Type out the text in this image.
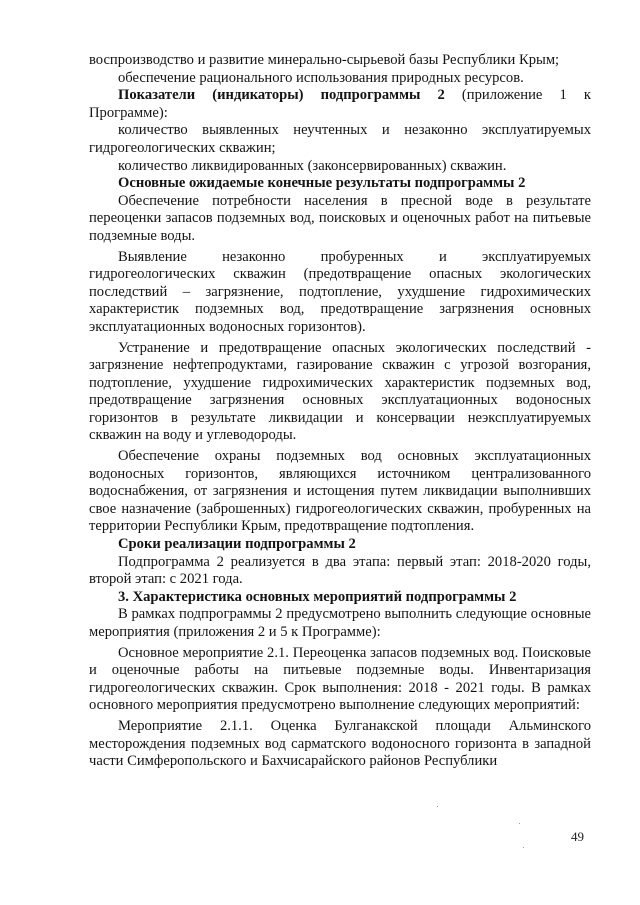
воспроизводство и развитие минерально-сырьевой базы Республики Крым;

обеспечение рационального использования природных ресурсов.

Показатели (индикаторы) подпрограммы 2 (приложение 1 к Программе):

количество выявленных неучтенных и незаконно эксплуатируемых гидрогеологических скважин;

количество ликвидированных (законсервированных) скважин.

Основные ожидаемые конечные результаты подпрограммы 2

Обеспечение потребности населения в пресной воде в результате переоценки запасов подземных вод, поисковых и оценочных работ на питьевые подземные воды.

Выявление незаконно пробуренных и эксплуатируемых гидрогеологических скважин (предотвращение опасных экологических последствий – загрязнение, подтопление, ухудшение гидрохимических характеристик подземных вод, предотвращение загрязнения основных эксплуатационных водоносных горизонтов).

Устранение и предотвращение опасных экологических последствий - загрязнение нефтепродуктами, газирование скважин с угрозой возгорания, подтопление, ухудшение гидрохимических характеристик подземных вод, предотвращение загрязнения основных эксплуатационных водоносных горизонтов в результате ликвидации и консервации неэксплуатируемых скважин на воду и углеводороды.

Обеспечение охраны подземных вод основных эксплуатационных водоносных горизонтов, являющихся источником централизованного водоснабжения, от загрязнения и истощения путем ликвидации выполнивших свое назначение (заброшенных) гидрогеологических скважин, пробуренных на территории Республики Крым, предотвращение подтопления.

Сроки реализации подпрограммы 2

Подпрограмма 2 реализуется в два этапа: первый этап: 2018-2020 годы, второй этап: с 2021 года.

3. Характеристика основных мероприятий подпрограммы 2

В рамках подпрограммы 2 предусмотрено выполнить следующие основные мероприятия (приложения 2 и 5 к Программе):

Основное мероприятие 2.1. Переоценка запасов подземных вод. Поисковые и оценочные работы на питьевые подземные воды. Инвентаризация гидрогеологических скважин. Срок выполнения: 2018 - 2021 годы. В рамках основного мероприятия предусмотрено выполнение следующих мероприятий:

Мероприятие 2.1.1. Оценка Булганакской площади Альминского месторождения подземных вод сарматского водоносного горизонта в западной части Симферопольского и Бахчисарайского районов Республики

49
